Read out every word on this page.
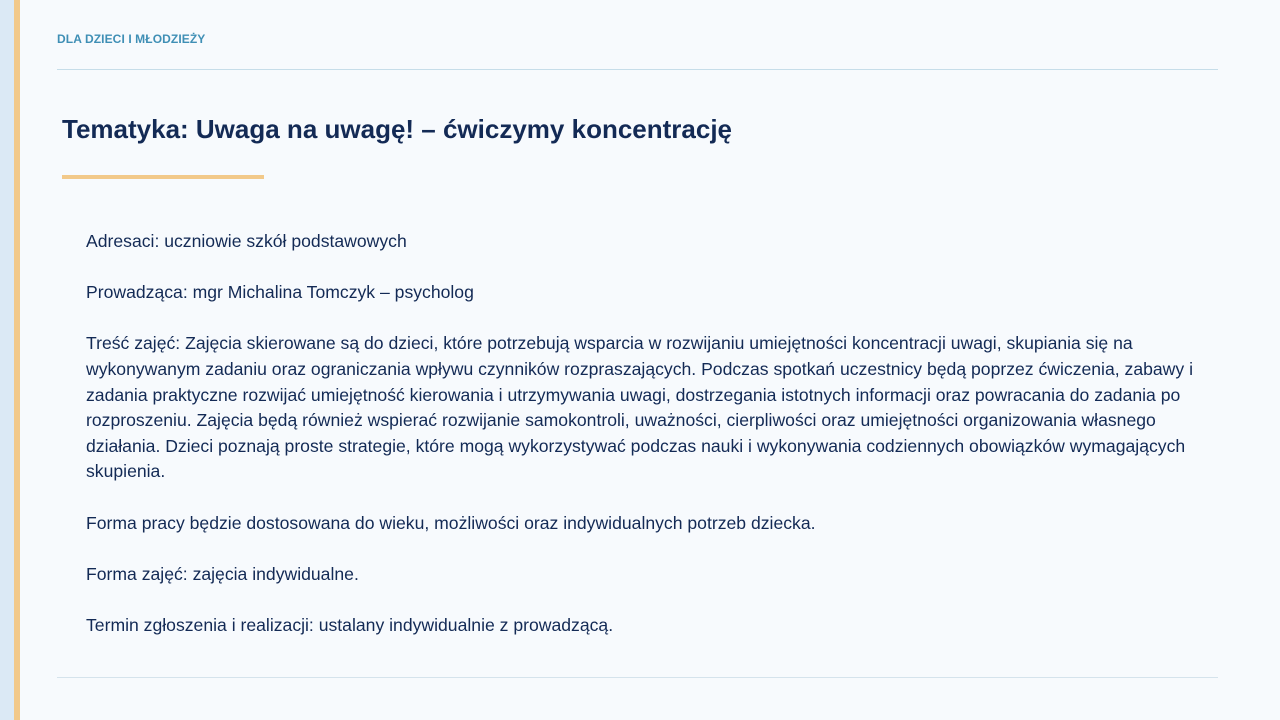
DLA DZIECI I MŁODZIEŻY
Tematyka: Uwaga na uwagę! – ćwiczymy koncentrację

Adresaci: uczniowie szkół podstawowych

Prowadząca: mgr Michalina Tomczyk – psycholog

Treść zajęć: Zajęcia skierowane są do dzieci, które potrzebują wsparcia w rozwijaniu umiejętności koncentracji uwagi, skupiania się na wykonywanym zadaniu oraz ograniczania wpływu czynników rozpraszających. Podczas spotkań uczestnicy będą poprzez ćwiczenia, zabawy i zadania praktyczne rozwijać umiejętność kierowania i utrzymywania uwagi, dostrzegania istotnych informacji oraz powracania do zadania po rozproszeniu. Zajęcia będą również wspierać rozwijanie samokontroli, uważności, cierpliwości oraz umiejętności organizowania własnego działania. Dzieci poznają proste strategie, które mogą wykorzystywać podczas nauki i wykonywania codziennych obowiązków wymagających skupienia.

Forma pracy będzie dostosowana do wieku, możliwości oraz indywidualnych potrzeb dziecka.

Forma zajęć: zajęcia indywidualne.

Termin zgłoszenia i realizacji: ustalany indywidualnie z prowadzącą.
